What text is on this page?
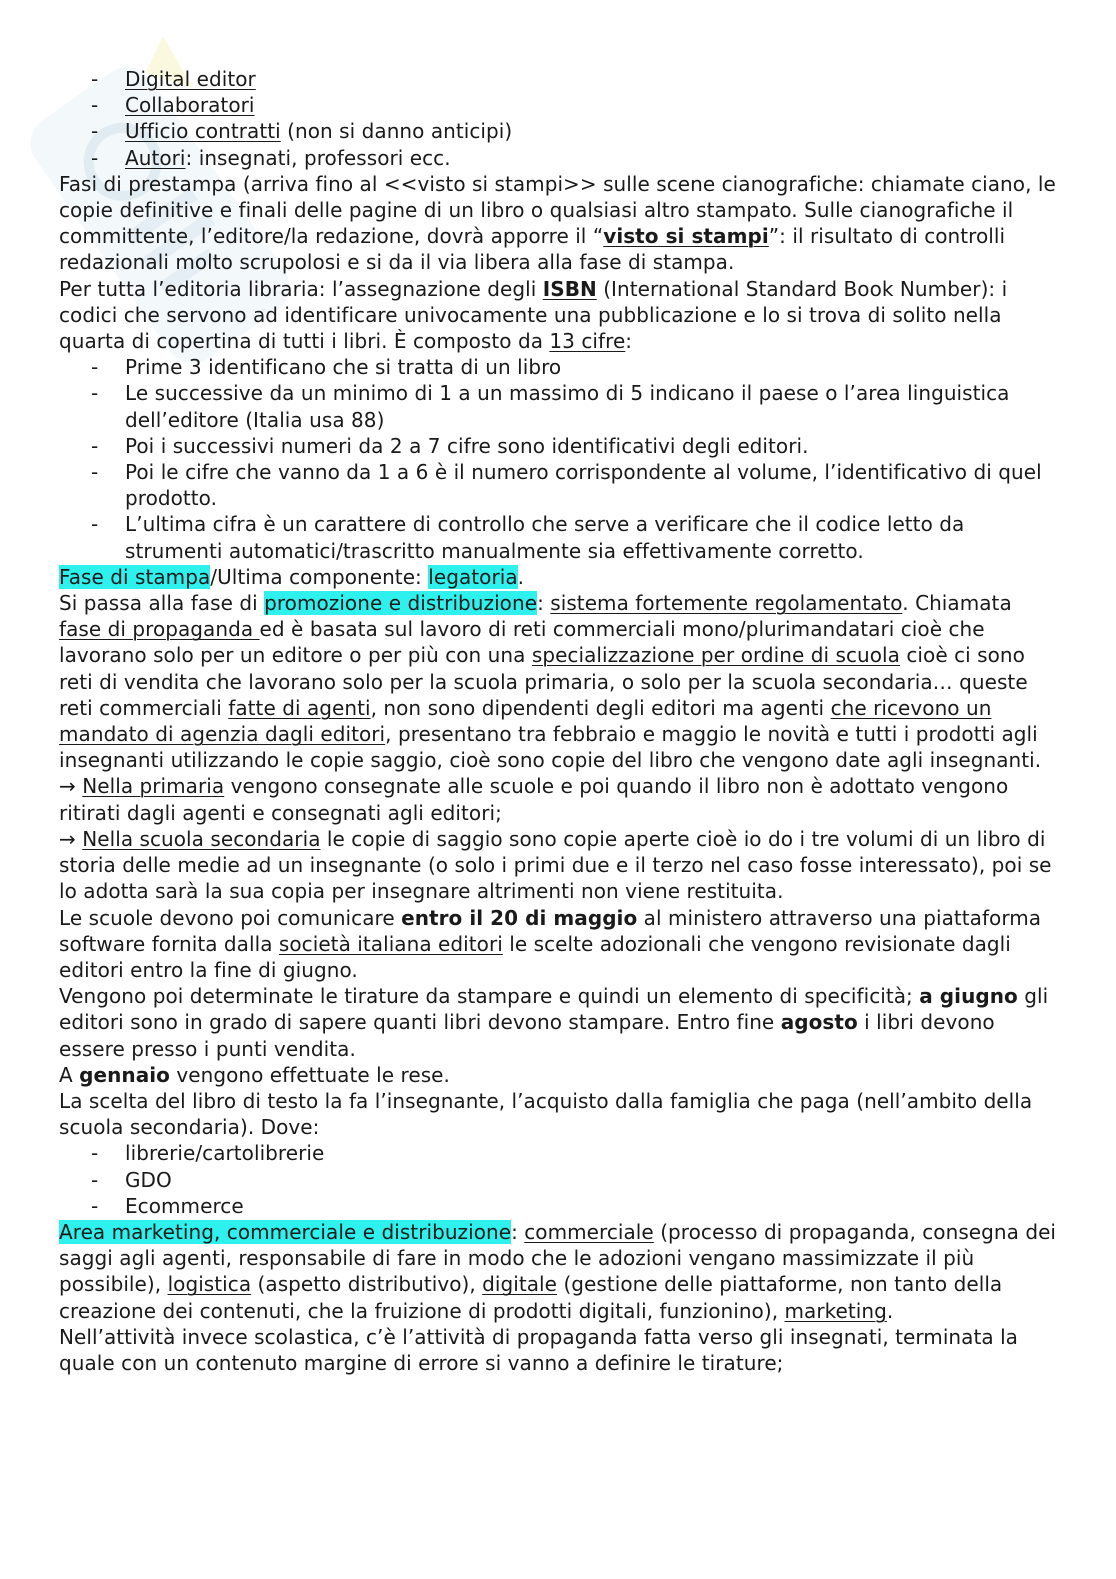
- Digital editor

- Collaboratori

- Ufficio contratti (non si danno anticipi)

- Autori: insegnati, professori ecc.

Fasi di prestampa (arriva fino al <<visto si stampi>> sulle scene cianografiche: chiamate ciano, le copie definitive e finali delle pagine di un libro o qualsiasi altro stampato. Sulle cianografiche il committente, l’editore/la redazione, dovrà apporre il “visto si stampi”: il risultato di controlli redazionali molto scrupolosi e si da il via libera alla fase di stampa.

Per tutta l’editoria libraria: l’assegnazione degli ISBN (International Standard Book Number): i codici che servono ad identificare univocamente una pubblicazione e lo si trova di solito nella quarta di copertina di tutti i libri. È composto da 13 cifre:

- Prime 3 identificano che si tratta di un libro

- Le successive da un minimo di 1 a un massimo di 5 indicano il paese o l’area linguistica dell’editore (Italia usa 88)

- Poi i successivi numeri da 2 a 7 cifre sono identificativi degli editori.

- Poi le cifre che vanno da 1 a 6 è il numero corrispondente al volume, l’identificativo di quel prodotto.

- L’ultima cifra è un carattere di controllo che serve a verificare che il codice letto da strumenti automatici/trascritto manualmente sia effettivamente corretto.

Fase di stampa/Ultima componente: legatoria.

Si passa alla fase di promozione e distribuzione: sistema fortemente regolamentato. Chiamata fase di propaganda ed è basata sul lavoro di reti commerciali mono/plurimandatari cioè che lavorano solo per un editore o per più con una specializzazione per ordine di scuola cioè ci sono reti di vendita che lavorano solo per la scuola primaria, o solo per la scuola secondaria… queste reti commerciali fatte di agenti, non sono dipendenti degli editori ma agenti che ricevono un mandato di agenzia dagli editori, presentano tra febbraio e maggio le novità e tutti i prodotti agli insegnanti utilizzando le copie saggio, cioè sono copie del libro che vengono date agli insegnanti.

→ Nella primaria vengono consegnate alle scuole e poi quando il libro non è adottato vengono ritirati dagli agenti e consegnati agli editori;

→ Nella scuola secondaria le copie di saggio sono copie aperte cioè io do i tre volumi di un libro di storia delle medie ad un insegnante (o solo i primi due e il terzo nel caso fosse interessato), poi se lo adotta sarà la sua copia per insegnare altrimenti non viene restituita.

Le scuole devono poi comunicare entro il 20 di maggio al ministero attraverso una piattaforma software fornita dalla società italiana editori le scelte adozionali che vengono revisionate dagli editori entro la fine di giugno.

Vengono poi determinate le tirature da stampare e quindi un elemento di specificità; a giugno gli editori sono in grado di sapere quanti libri devono stampare. Entro fine agosto i libri devono essere presso i punti vendita.

A gennaio vengono effettuate le rese.

La scelta del libro di testo la fa l’insegnante, l’acquisto dalla famiglia che paga (nell’ambito della scuola secondaria). Dove:

- librerie/cartolibrerie

- GDO

- Ecommerce

Area marketing, commerciale e distribuzione: commerciale (processo di propaganda, consegna dei saggi agli agenti, responsabile di fare in modo che le adozioni vengano massimizzate il più possibile), logistica (aspetto distributivo), digitale (gestione delle piattaforme, non tanto della creazione dei contenuti, che la fruizione di prodotti digitali, funzionino), marketing.

Nell’attività invece scolastica, c’è l’attività di propaganda fatta verso gli insegnati, terminata la quale con un contenuto margine di errore si vanno a definire le tirature;
